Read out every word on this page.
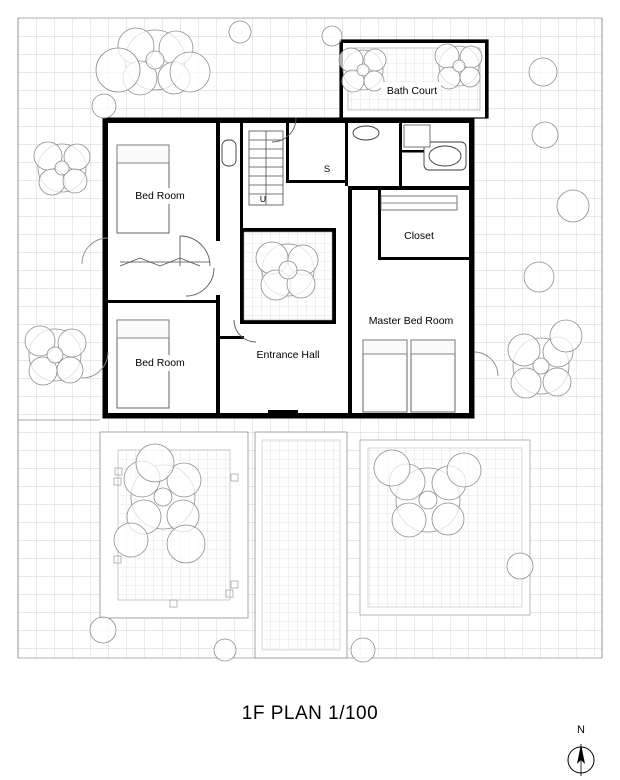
Bath Court
Bed Room
Closet
Master Bed Room
Bed Room
Entrance Hall
S
U
1F PLAN 1/100
N
